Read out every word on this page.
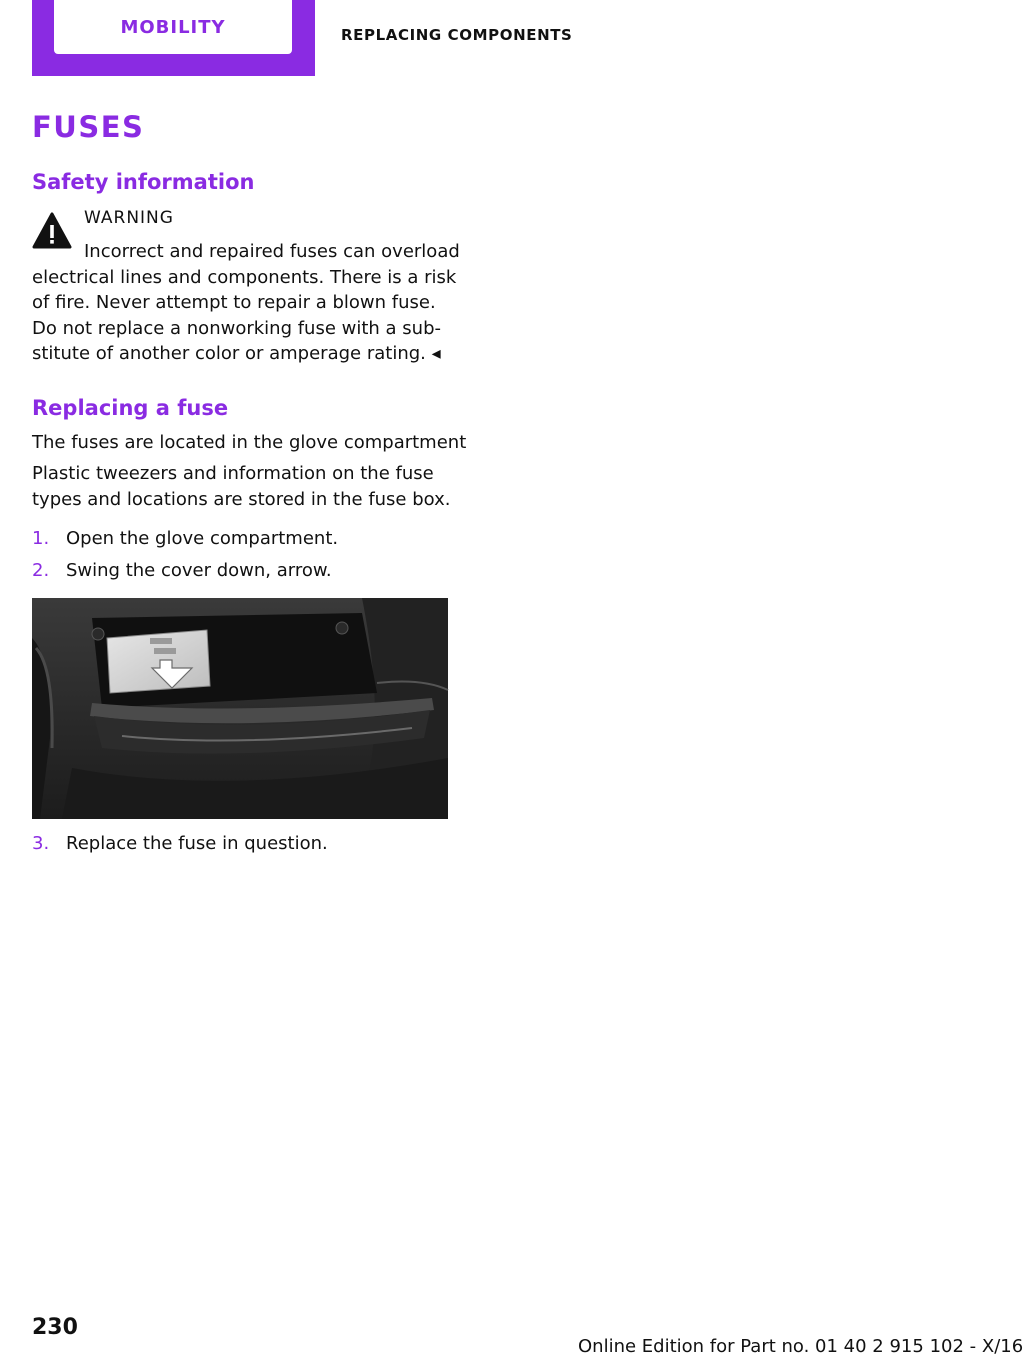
MOBILITY	REPLACING COMPONENTS
FUSES
Safety information
WARNING
Incorrect and repaired fuses can overload
electrical lines and components. There is a risk
of fire. Never attempt to repair a blown fuse.
Do not replace a nonworking fuse with a sub‐
stitute of another color or amperage rating. ◂
Replacing a fuse
The fuses are located in the glove compartment
Plastic tweezers and information on the fuse
types and locations are stored in the fuse box.
1. Open the glove compartment.
2. Swing the cover down, arrow.
3. Replace the fuse in question.
230
Online Edition for Part no. 01 40 2 915 102 - X/16
